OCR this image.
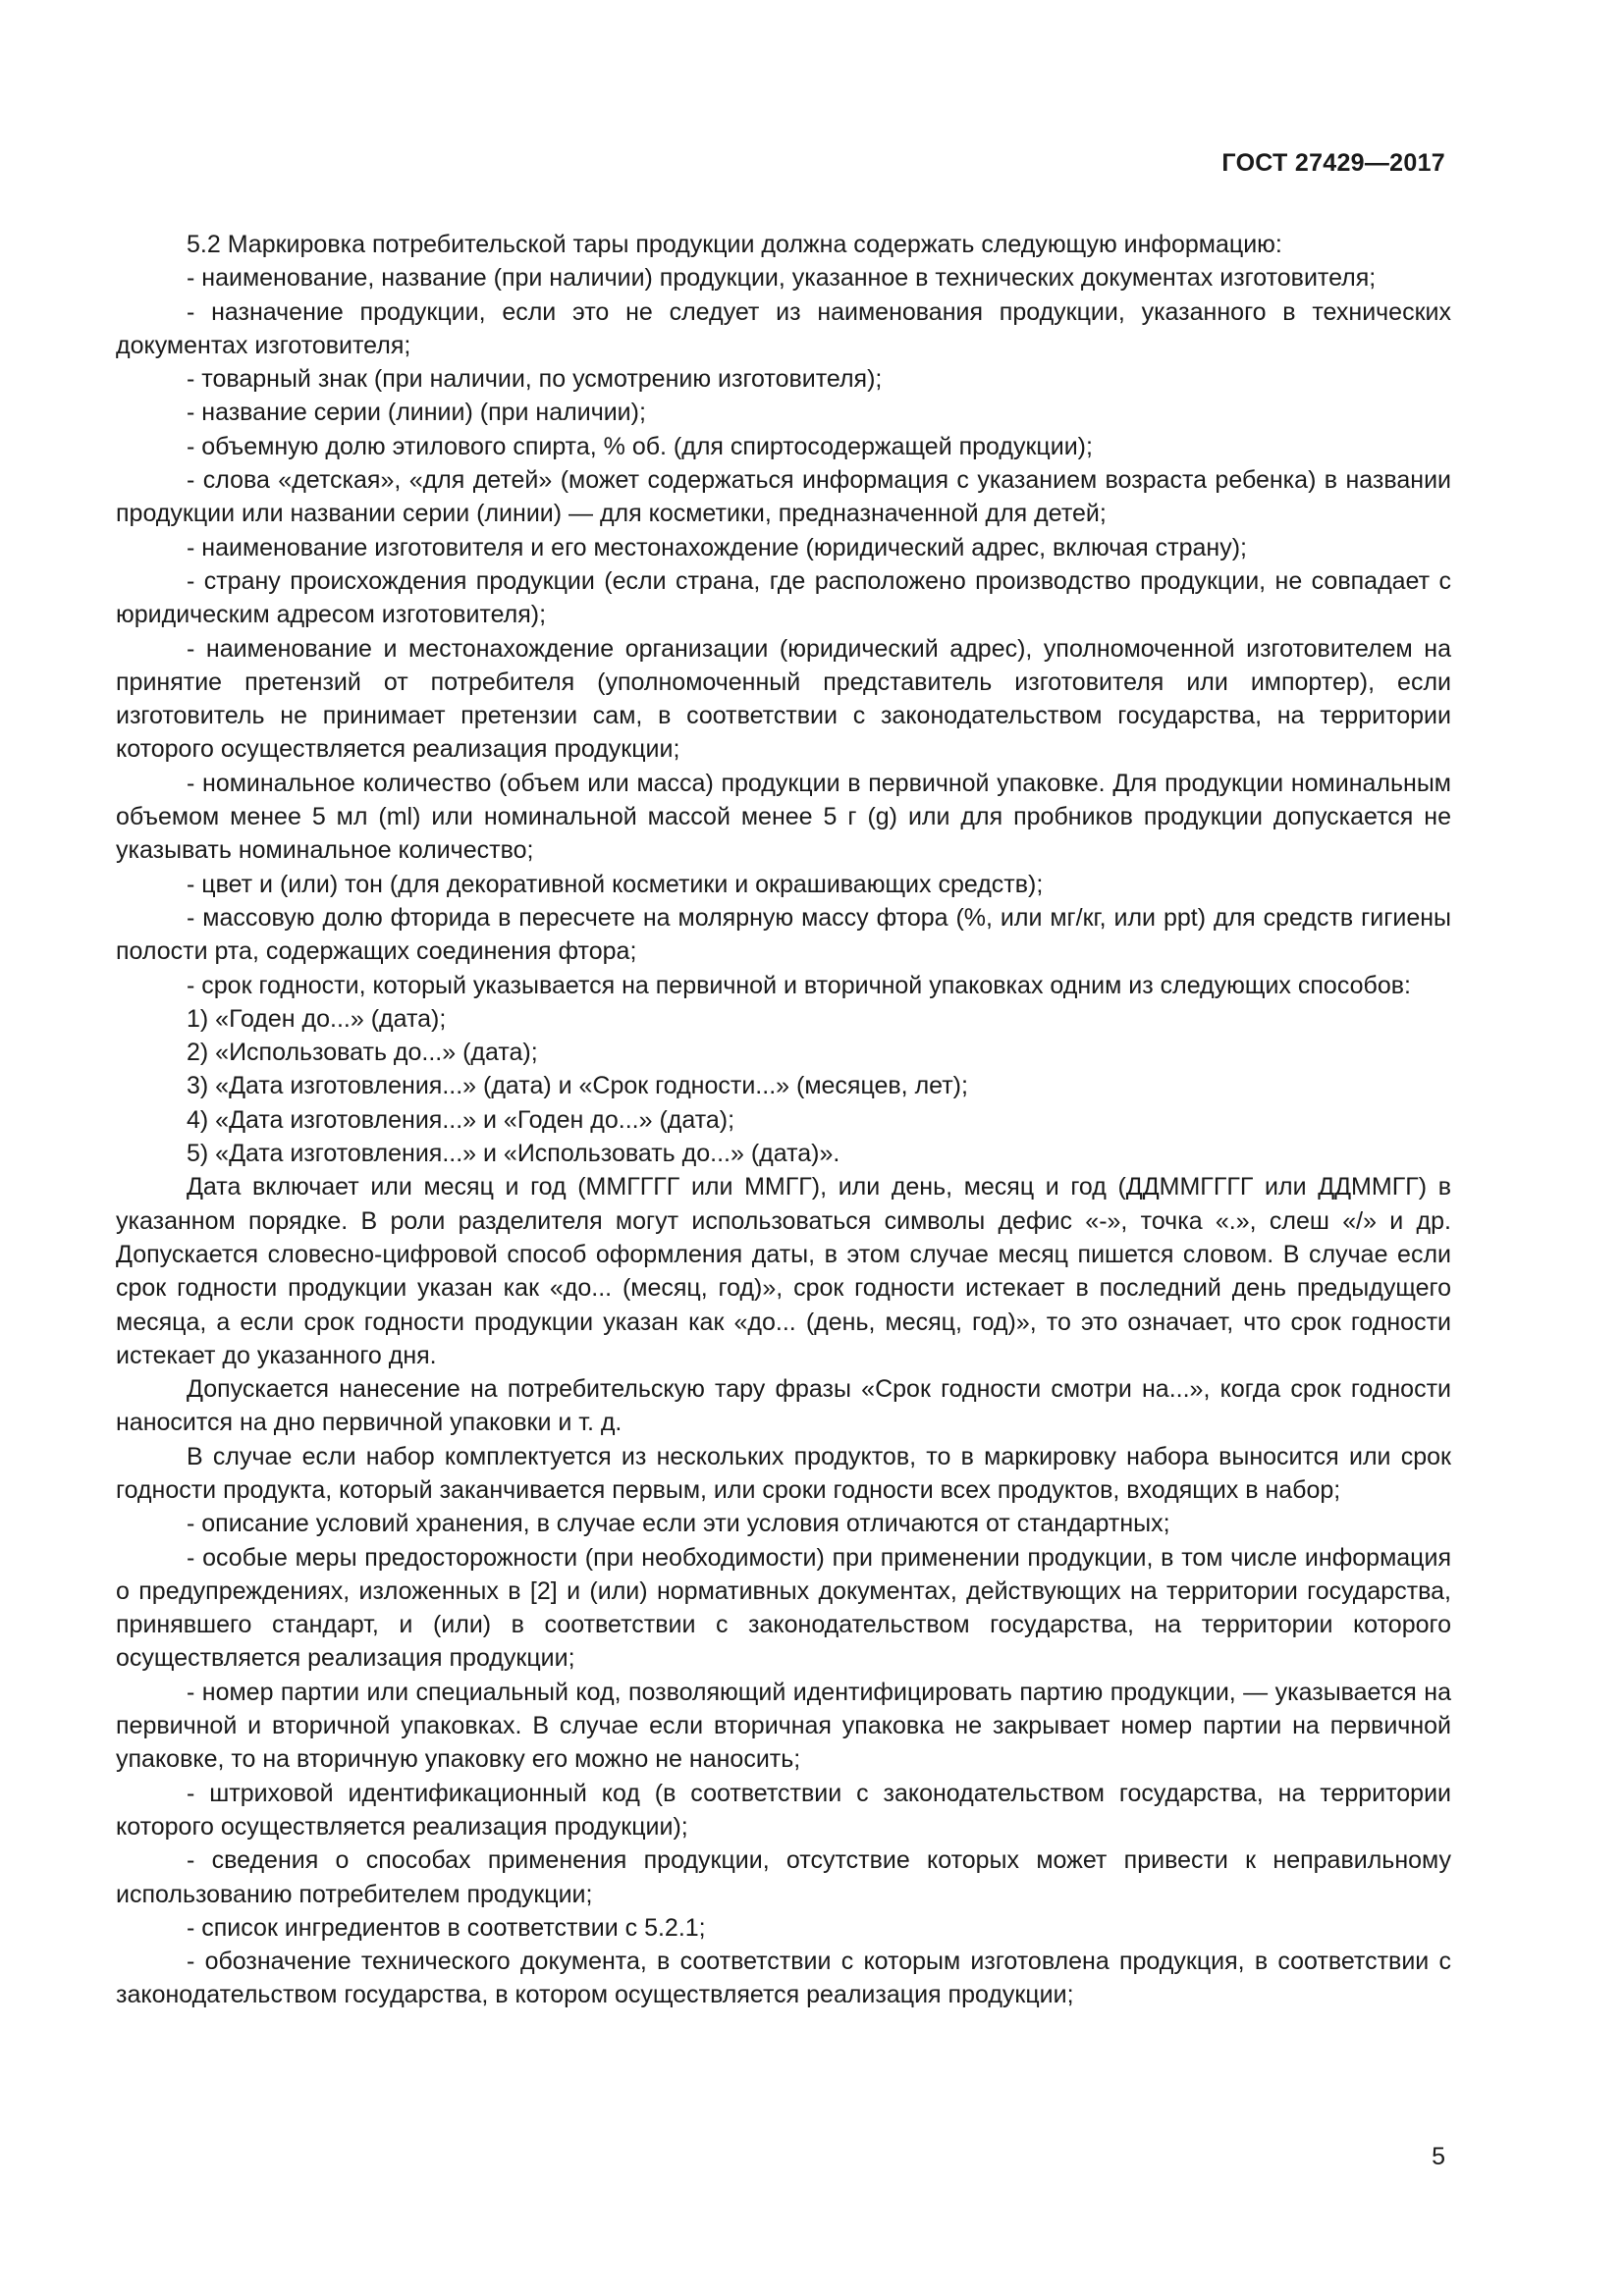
ГОСТ 27429—2017

5.2 Маркировка потребительской тары продукции должна содержать следующую информацию:

- наименование, название (при наличии) продукции, указанное в технических документах изготовителя;

- назначение продукции, если это не следует из наименования продукции, указанного в технических документах изготовителя;

- товарный знак (при наличии, по усмотрению изготовителя);

- название серии (линии) (при наличии);

- объемную долю этилового спирта, % об. (для спиртосодержащей продукции);

- слова «детская», «для детей» (может содержаться информация с указанием возраста ребенка) в названии продукции или названии серии (линии) — для косметики, предназначенной для детей;

- наименование изготовителя и его местонахождение (юридический адрес, включая страну);

- страну происхождения продукции (если страна, где расположено производство продукции, не совпадает с юридическим адресом изготовителя);

- наименование и местонахождение организации (юридический адрес), уполномоченной изготовителем на принятие претензий от потребителя (уполномоченный представитель изготовителя или импортер), если изготовитель не принимает претензии сам, в соответствии с законодательством государства, на территории которого осуществляется реализация продукции;

- номинальное количество (объем или масса) продукции в первичной упаковке. Для продукции номинальным объемом менее 5 мл (ml) или номинальной массой менее 5 г (g) или для пробников продукции допускается не указывать номинальное количество;

- цвет и (или) тон (для декоративной косметики и окрашивающих средств);

- массовую долю фторида в пересчете на молярную массу фтора (%, или мг/кг, или ppt) для средств гигиены полости рта, содержащих соединения фтора;

- срок годности, который указывается на первичной и вторичной упаковках одним из следующих способов:

1) «Годен до...» (дата);

2) «Использовать до...» (дата);

3) «Дата изготовления...» (дата) и «Срок годности...» (месяцев, лет);

4) «Дата изготовления...» и «Годен до...» (дата);

5) «Дата изготовления...» и «Использовать до...» (дата)».

Дата включает или месяц и год (ММГГГГ или ММГГ), или день, месяц и год (ДДММГГГГ или ДДММГГ) в указанном порядке. В роли разделителя могут использоваться символы дефис «-», точка «.», слеш «/» и др. Допускается словесно-цифровой способ оформления даты, в этом случае месяц пишется словом. В случае если срок годности продукции указан как «до... (месяц, год)», срок годности истекает в последний день предыдущего месяца, а если срок годности продукции указан как «до... (день, месяц, год)», то это означает, что срок годности истекает до указанного дня.

Допускается нанесение на потребительскую тару фразы «Срок годности смотри на...», когда срок годности наносится на дно первичной упаковки и т. д.

В случае если набор комплектуется из нескольких продуктов, то в маркировку набора выносится или срок годности продукта, который заканчивается первым, или сроки годности всех продуктов, входящих в набор;

- описание условий хранения, в случае если эти условия отличаются от стандартных;

- особые меры предосторожности (при необходимости) при применении продукции, в том числе информация о предупреждениях, изложенных в [2] и (или) нормативных документах, действующих на территории государства, принявшего стандарт, и (или) в соответствии с законодательством государства, на территории которого осуществляется реализация продукции;

- номер партии или специальный код, позволяющий идентифицировать партию продукции, — указывается на первичной и вторичной упаковках. В случае если вторичная упаковка не закрывает номер партии на первичной упаковке, то на вторичную упаковку его можно не наносить;

- штриховой идентификационный код (в соответствии с законодательством государства, на территории которого осуществляется реализация продукции);

- сведения о способах применения продукции, отсутствие которых может привести к неправильному использованию потребителем продукции;

- список ингредиентов в соответствии с 5.2.1;

- обозначение технического документа, в соответствии с которым изготовлена продукция, в соответствии с законодательством государства, в котором осуществляется реализация продукции;

5
